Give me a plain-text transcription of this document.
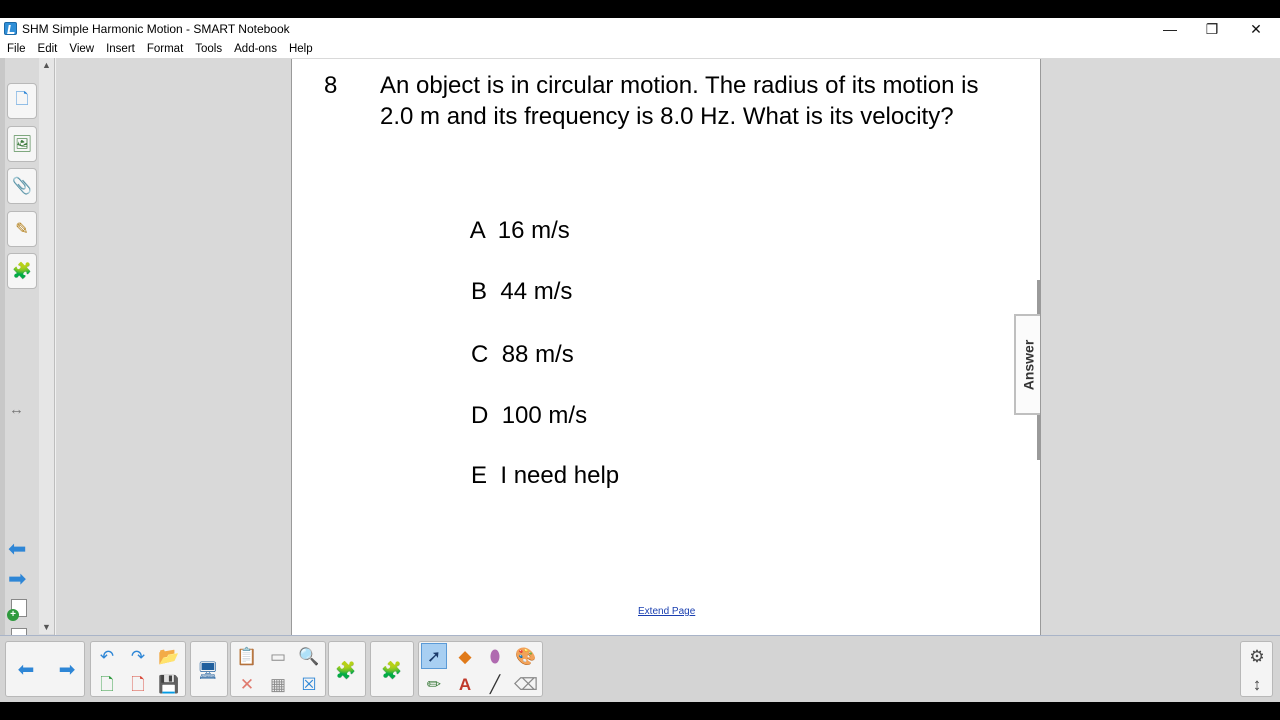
SHM Simple Harmonic Motion - SMART Notebook	—	❐	✕
File Edit View Insert Format Tools Add-ons Help
🗋
🖼
📎
✎
🧩
↔
⬅
➡
+
▲
▼
8 An object is in circular motion. The radius of its motion is 2.0 m and its frequency is 8.0 Hz. What is its velocity?

A 16 m/s

B 44 m/s

C 88 m/s

D 100 m/s

E I need help

Extend Page
Answer
⬅ ➡
↶ ↷ 📂
🗋	🗋 💾
🖥
📋 ▭ 🔍
✕ ▦ ☒
🧩 🧩
➚	◆	⬮ 🎨
✏	A	╱ ⌫
⚙
↕
